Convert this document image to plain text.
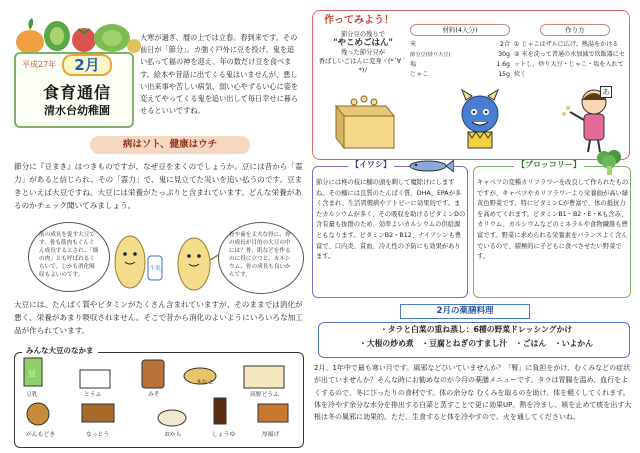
平成27年	2月
食育通信
清水台幼稚園
大寒が過ぎ、暦の上では立春。春到来です。その前日が「節分」。カ強く戸外に豆を投げ、鬼を追い払って福の神を迎え、年の数だけ豆を食べます。絵本や昔話に出てくる鬼はいませんが、悪しい出来事や苦しい病気、弱い心やずるい心に姿を変えてやってくる鬼を追い出して毎日幸せに暮らせるといいですね。
病はソト、健康はウチ
節分に『豆まき』はつきものですが、なぜ豆をまくのでしょうか。豆には昔から「霊力」があると信じられ、その「霊力」で、鬼に見立てた災いを追い払うのです。豆まきといえば大豆ですね。大豆には栄養がたっぷりと含まれています。どんな栄養があるのかチェック聞いてみましょう。
筋の成長を促す大豆です。骨も筋肉もぐんぐん成長するとされ、「畑の肉」とも呼ばれるくらいで、しかも消化吸収もよいのです。
牛乳
骨や歯を丈夫な骨に、骨の成長が目的の大豆の中には？骨、肌などを作るのに役に立つと、カルシウム、骨の成長も良いからです。
大豆には、たんぱく質やビタミンがたくさん含まれていますが、そのままでは消化が悪く、栄養があまり吸収されません。そこで昔から消化のよいようにいろいろな加工品が作られています。
みんな大豆のなかま
豆
豆乳	とうふ	みそ
きなこ
高野どうふ
がんもどき	なっとう	おから	しょうゆ	厚揚げ
作ってみよう！
節分豆の残りで
"やこめごはん"
残った節分豆が
香ばしいごはんに変身ヾ(*´∀｀*)ﾉ
材料(4人分)	作り方
米	2合
節分豆(炒り大豆)	30g
塩	1.6g
じゃこ	15g
① じゃこはザルに広げ、熱湯をかける
② 米を洗って普通の水加減で炊飯器にセットし、炒り大豆・じゃこ・塩を入れて炊く
あ
【イワシ】
節分には柊の枝に鰯の頭を刺して魔除けにしますね。その鰯には良質のたんぱく質、DHA、EPAが多く含まれ、生活習慣病やアトピーに効果的です。またカルシウムが多く、その吸収を助けるビタミンDの含有量も抜群のため、効率よいカルシウムの供給源ともなります。ビタミンB2・B12、ナイアシンも豊富で、口内炎、貧血、冷え性の予防にも効果があります。
【ブロッコリー】
キャベツの変種カリフラワーを改良して作られたものですが、キャベツやカリフラワーより栄養価が高い緑黄色野菜です。特にビタミンCが豊富で、体の抵抗力を高めてくれます。ビタミンB1・B2・E・Kも含み、カリウム、カルシウムなどのミネラルや食物繊維も豊富です。野菜に求められる栄養素をバランスよく含んでいるので、積極的に子どもに食べさせたい野菜です。
2月の薬膳料理
・タラと白菜の重ね蒸し：6種の野菜ドレッシングかけ
・大根の炒め煮　・豆腐とねぎのすまし汁　・ごはん　・いよかん
2月、1年中で最も寒い月です。風邪などひいていませんか？「腎」に負担をかけ、むくみなどの症状が出ていませんか？そんな時にお勧めなのが今月の薬膳メニューです。タラは胃腸を温め、血行をよくするので、冬にぴったりの食材です。体の余分な むくみを取るのを助け、体を軽くしてくれます。体を冷やす余分な水分を排出する白菜と蒸すことで更に効果UP。熱を冷まし、咳を止めて痰を出す大根は冬の風邪に効果的。ただ、生食すると体を冷やすので、火を通してくださいね。
